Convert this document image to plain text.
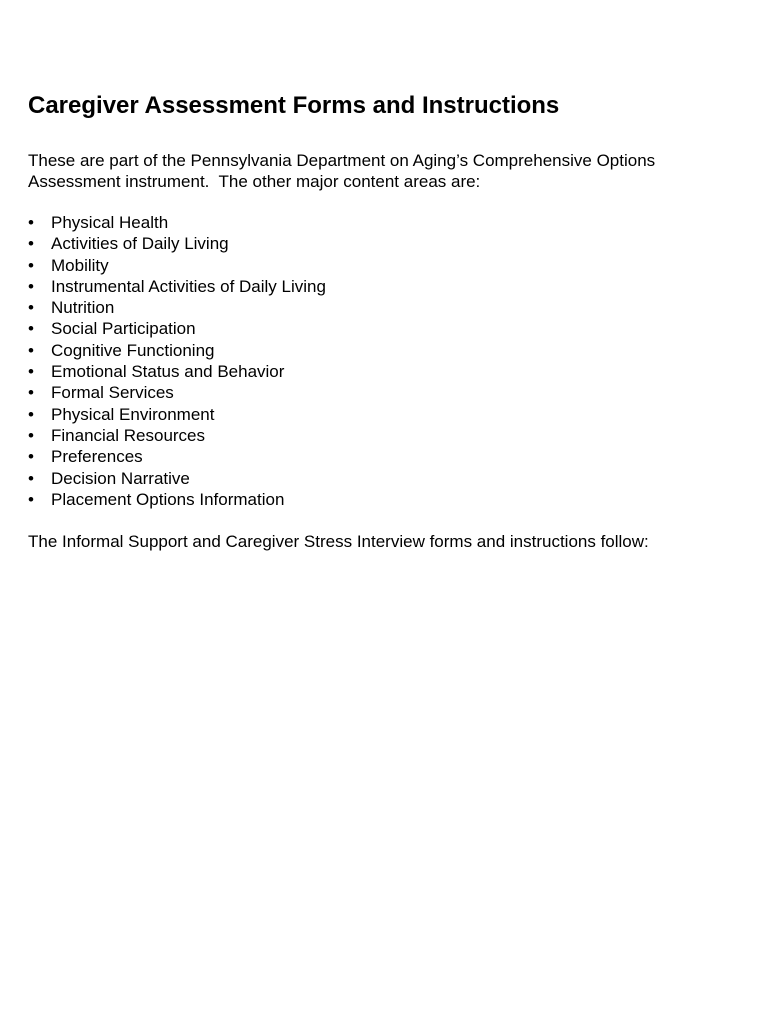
Caregiver Assessment Forms and Instructions

These are part of the Pennsylvania Department on Aging’s Comprehensive Options
Assessment instrument.  The other major content areas are:

• Physical Health
• Activities of Daily Living
• Mobility
• Instrumental Activities of Daily Living
• Nutrition
• Social Participation
• Cognitive Functioning
• Emotional Status and Behavior
• Formal Services
• Physical Environment
• Financial Resources
• Preferences
• Decision Narrative
• Placement Options Information

The Informal Support and Caregiver Stress Interview forms and instructions follow:
